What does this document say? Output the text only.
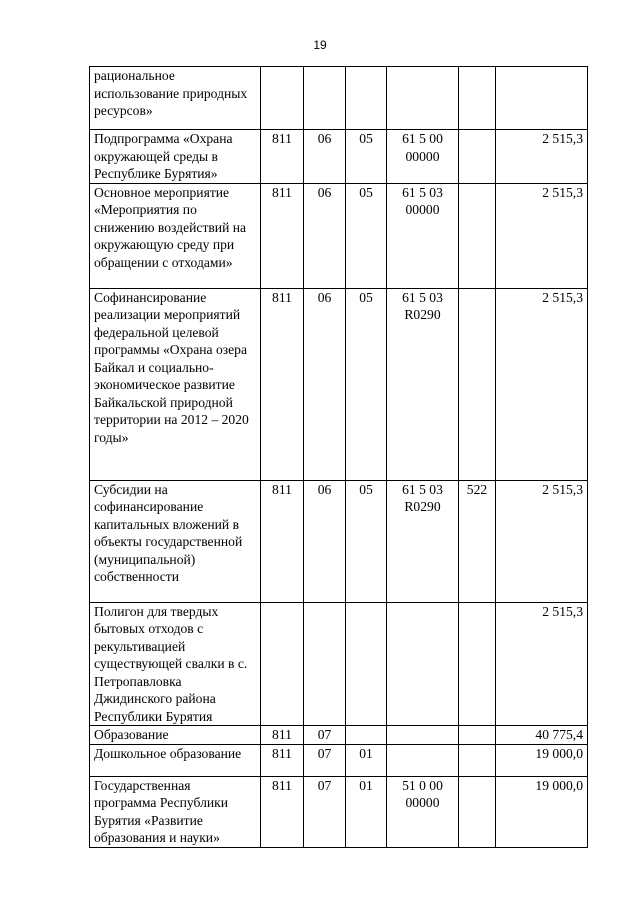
19
рациональное использование природных ресурсов»						
Подпрограмма «Охрана окружающей среды в Республике Бурятия»	811	06	05	61 5 00 00000		2 515,3
Основное мероприятие «Мероприятия по снижению воздействий на окружающую среду при обращении с отходами»	811	06	05	61 5 03 00000		2 515,3
Софинансирование реализации мероприятий федеральной целевой программы «Охрана озера Байкал и социально-экономическое развитие Байкальской природной территории на 2012 – 2020 годы»	811	06	05	61 5 03 R0290		2 515,3
Субсидии на софинансирование капитальных вложений в объекты государственной (муниципальной) собственности	811	06	05	61 5 03 R0290	522	2 515,3
Полигон для твердых бытовых отходов с рекультивацией существующей свалки в с. Петропавловка Джидинского района Республики Бурятия						2 515,3
Образование	811	07				40 775,4
Дошкольное образование	811	07	01			19 000,0
Государственная программа Республики Бурятия «Развитие образования и науки»	811	07	01	51 0 00 00000		19 000,0
